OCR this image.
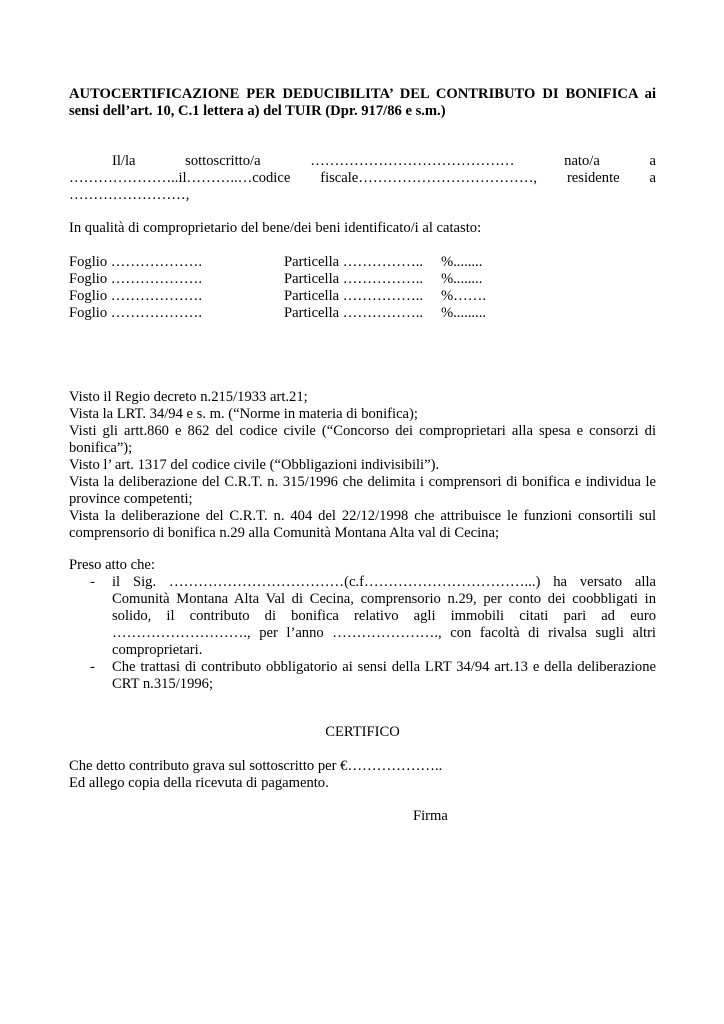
AUTOCERTIFICAZIONE PER DEDUCIBILITA’ DEL CONTRIBUTO DI BONIFICA ai
sensi dell’art. 10, C.1 lettera a) del TUIR (Dpr. 917/86 e s.m.)
Il/la	sottoscritto/a	……………………………………	nato/a	a
…………………..il………..…codice fiscale………………………………, residente a
……………………,
In qualità di comproprietario del bene/dei beni identificato/i al catasto:
Foglio ……………….	Particella …………….. %........
Foglio ……………….	Particella …………….. %........
Foglio ……………….	Particella …………….. %…….
Foglio ……………….	Particella …………….. %.........

Visto il Regio decreto n.215/1933 art.21;

Vista la LRT. 34/94 e s. m. (“Norme in materia di bonifica);

Visti gli artt.860 e 862 del codice civile (“Concorso dei comproprietari alla spesa e consorzi di bonifica”);

Visto l’ art. 1317 del codice civile (“Obbligazioni indivisibili”).

Vista la deliberazione del C.R.T. n. 315/1996 che delimita i comprensori di bonifica e individua le province competenti;

Vista la deliberazione del C.R.T. n. 404 del 22/12/1998 che attribuisce le funzioni consortili sul comprensorio di bonifica n.29 alla Comunità Montana Alta val di Cecina;

Preso atto che:

- il Sig. ………………………………(c.f……………………………...) ha versato alla
Comunità Montana Alta Val di Cecina, comprensorio n.29, per conto dei coobbligati in solido, il contributo di bonifica relativo agli immobili citati pari ad euro ………………………., per l’anno …………………., con facoltà di rivalsa sugli altri comproprietari.
- Che trattasi di contributo obbligatorio ai sensi della LRT 34/94 art.13 e della deliberazione CRT n.315/1996;
CERTIFICO
Che detto contributo grava sul sottoscritto per €………………..
Ed allego copia della ricevuta di pagamento.
Firma
